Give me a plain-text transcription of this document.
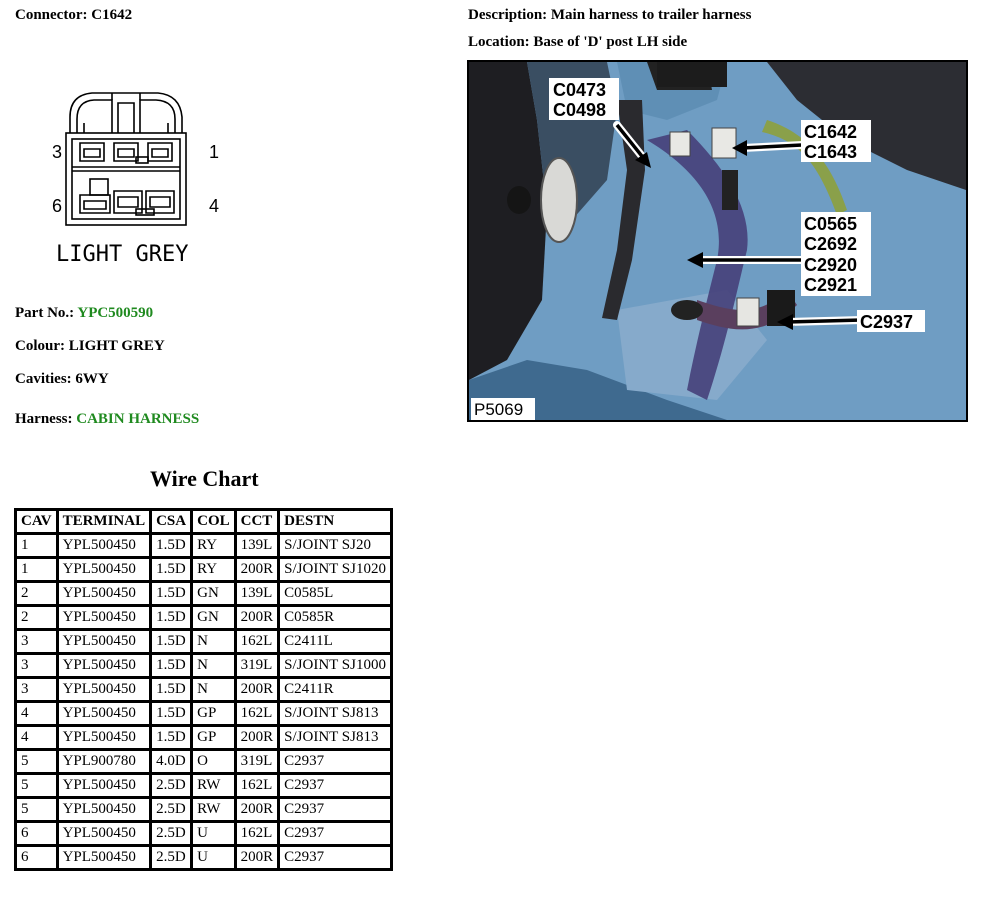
Connector: C1642
3	1
6	4
LIGHT GREY
Part No.: YPC500590
Colour: LIGHT GREY
Cavities: 6WY
Harness: CABIN HARNESS
Description: Main harness to trailer harness
Location: Base of 'D' post LH side
C0473
C0498
C1642
C1643
C0565
C2692
C2920
C2921
C2937
P5069
Wire Chart
CAV	TERMINAL	CSA	COL	CCT	DESTN
1	YPL500450	1.5D	RY	139L	S/JOINT SJ20
1	YPL500450	1.5D	RY	200R	S/JOINT SJ1020
2	YPL500450	1.5D	GN	139L	C0585L
2	YPL500450	1.5D	GN	200R	C0585R
3	YPL500450	1.5D	N	162L	C2411L
3	YPL500450	1.5D	N	319L	S/JOINT SJ1000
3	YPL500450	1.5D	N	200R	C2411R
4	YPL500450	1.5D	GP	162L	S/JOINT SJ813
4	YPL500450	1.5D	GP	200R	S/JOINT SJ813
5	YPL900780	4.0D	O	319L	C2937
5	YPL500450	2.5D	RW	162L	C2937
5	YPL500450	2.5D	RW	200R	C2937
6	YPL500450	2.5D	U	162L	C2937
6	YPL500450	2.5D	U	200R	C2937
